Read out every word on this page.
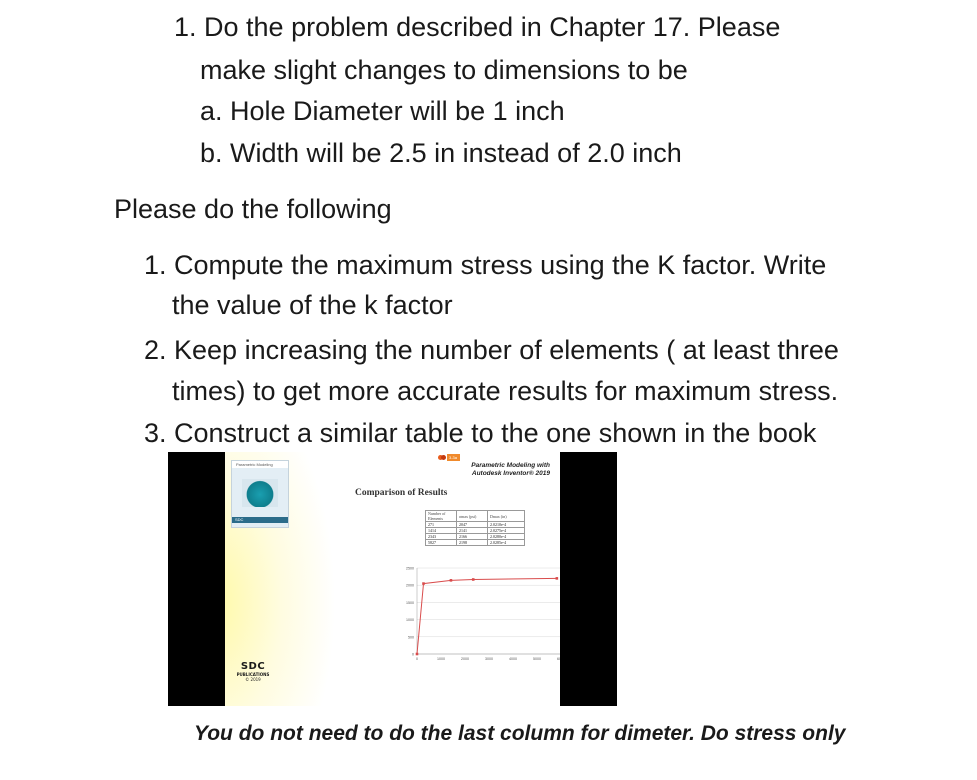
1. Do the problem described in Chapter 17. Please
make slight changes to dimensions to be
a. Hole Diameter will be 1 inch
b. Width will be 2.5 in instead of 2.0 inch
Please do the following
1. Compute the maximum stress using the K factor. Write
the value of the k factor
2. Keep increasing the number of elements ( at least three
times) to get more accurate results for maximum stress.
3. Construct a similar table to the one shown in the book
Parametric Modeling
SDC
SDC
PUBLICATIONS
© 2019
3-3a
Parametric Modeling with
Autodesk Inventor® 2019
Comparison of Results
Number of Elements	σmax (psi)	Dmax (in)
271	2047	2.0210e-4
1414	2141	2.0275e-4
2343	2166	2.0280e-4
5827	2198	2.0285e-4
0
500
1000
1500
2000
2500
0	1000	2000	3000	4000	5000	6000
You do not need to do the last column for dimeter. Do stress only
